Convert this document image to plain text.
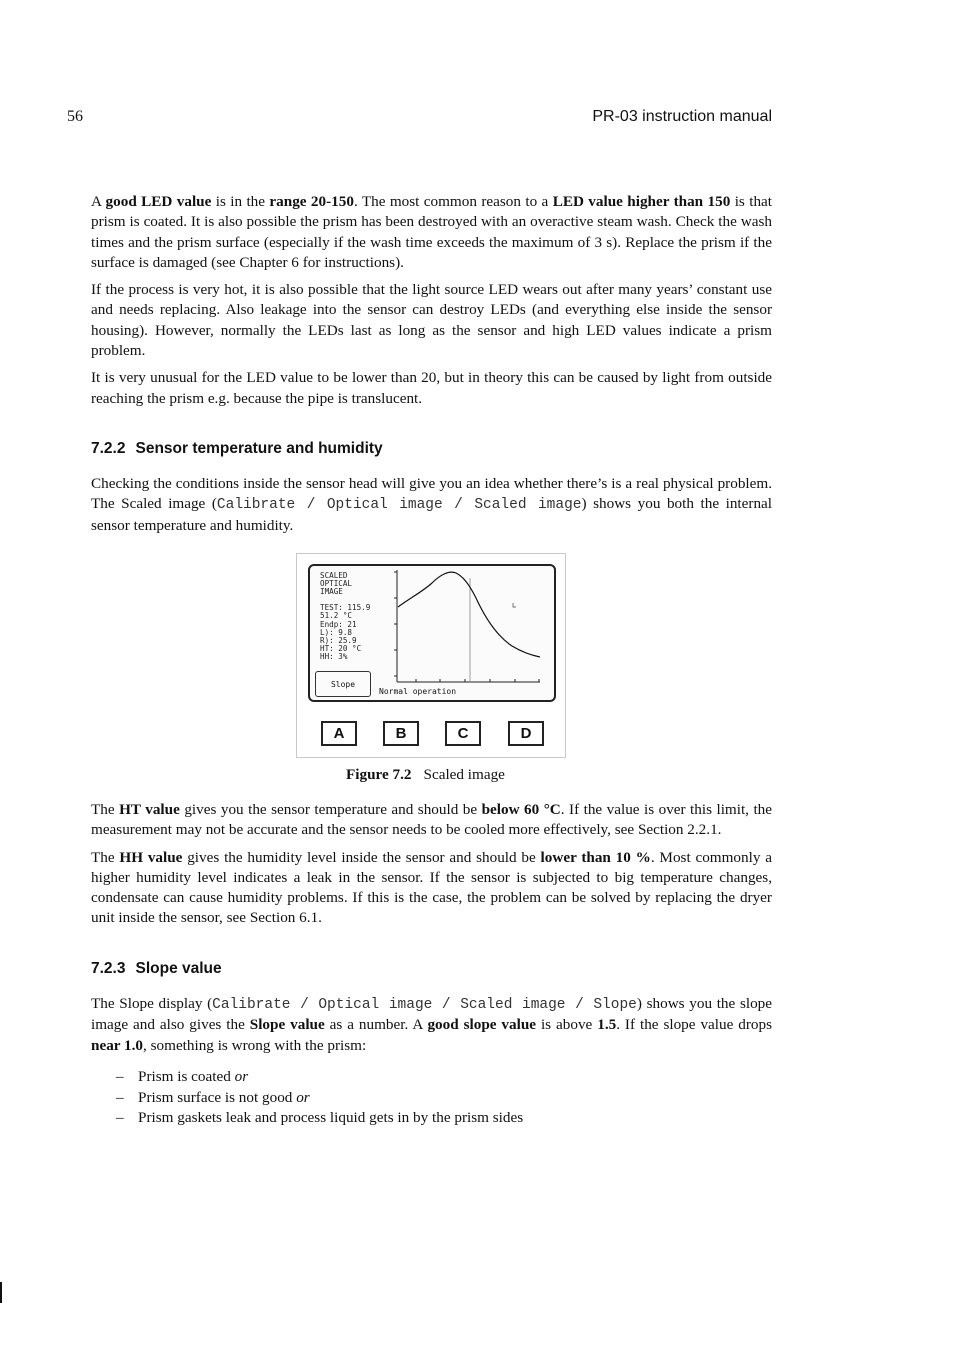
56	PR-03 instruction manual

A good LED value is in the range 20-150. The most common reason to a LED value higher than 150 is that prism is coated. It is also possible the prism has been destroyed with an overactive steam wash. Check the wash times and the prism surface (especially if the wash time exceeds the maximum of 3 s). Replace the prism if the surface is damaged (see Chapter 6 for instructions).

If the process is very hot, it is also possible that the light source LED wears out after many years’ constant use and needs replacing. Also leakage into the sensor can destroy LEDs (and everything else inside the sensor housing). However, normally the LEDs last as long as the sensor and high LED values indicate a prism problem.

It is very unusual for the LED value to be lower than 20, but in theory this can be caused by light from outside reaching the prism e.g. because the pipe is translucent.

7.2.2 Sensor temperature and humidity

Checking the conditions inside the sensor head will give you an idea whether there’s is a real physical problem. The Scaled image (Calibrate / Optical image / Scaled image) shows you both the internal sensor temperature and humidity.

SCALED
OPTICAL
IMAGE

TEST: 115.9
51.2 °C
Endp: 21
L): 9.8
R): 25.9
HT: 20 °C
HH: 3%
Slope
Normal operation
A	B	C	D
Figure 7.2 Scaled image

The HT value gives you the sensor temperature and should be below 60 °C. If the value is over this limit, the measurement may not be accurate and the sensor needs to be cooled more effectively, see Section 2.2.1.

The HH value gives the humidity level inside the sensor and should be lower than 10 %. Most commonly a higher humidity level indicates a leak in the sensor. If the sensor is subjected to big temperature changes, condensate can cause humidity problems. If this is the case, the problem can be solved by replacing the dryer unit inside the sensor, see Section 6.1.

7.2.3 Slope value

The Slope display (Calibrate / Optical image / Scaled image / Slope) shows you the slope image and also gives the Slope value as a number. A good slope value is above 1.5. If the slope value drops near 1.0, something is wrong with the prism:

– Prism is coated or
– Prism surface is not good or
– Prism gaskets leak and process liquid gets in by the prism sides
